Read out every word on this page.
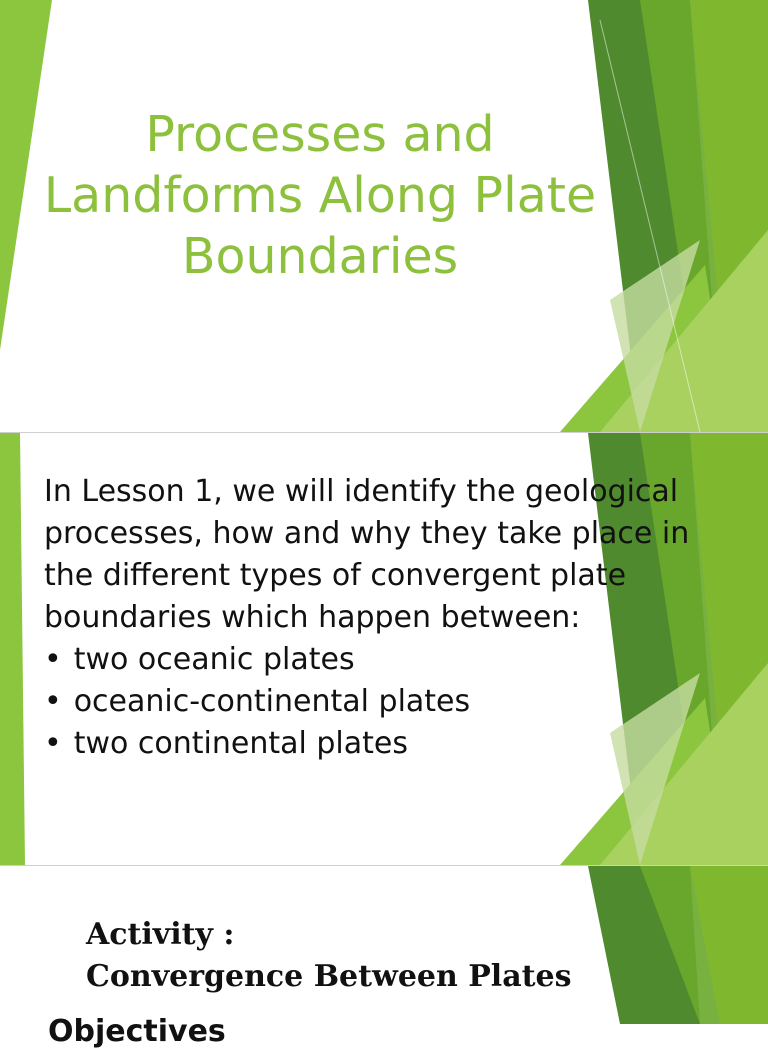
Processes and
Landforms Along Plate
Boundaries

In Lesson 1, we will identify the geological processes, how and why they take place in the different types of convergent plate boundaries which happen between:

• two oceanic plates
• oceanic-continental plates
• two continental plates
Activity :
Convergence Between Plates
Objectives
